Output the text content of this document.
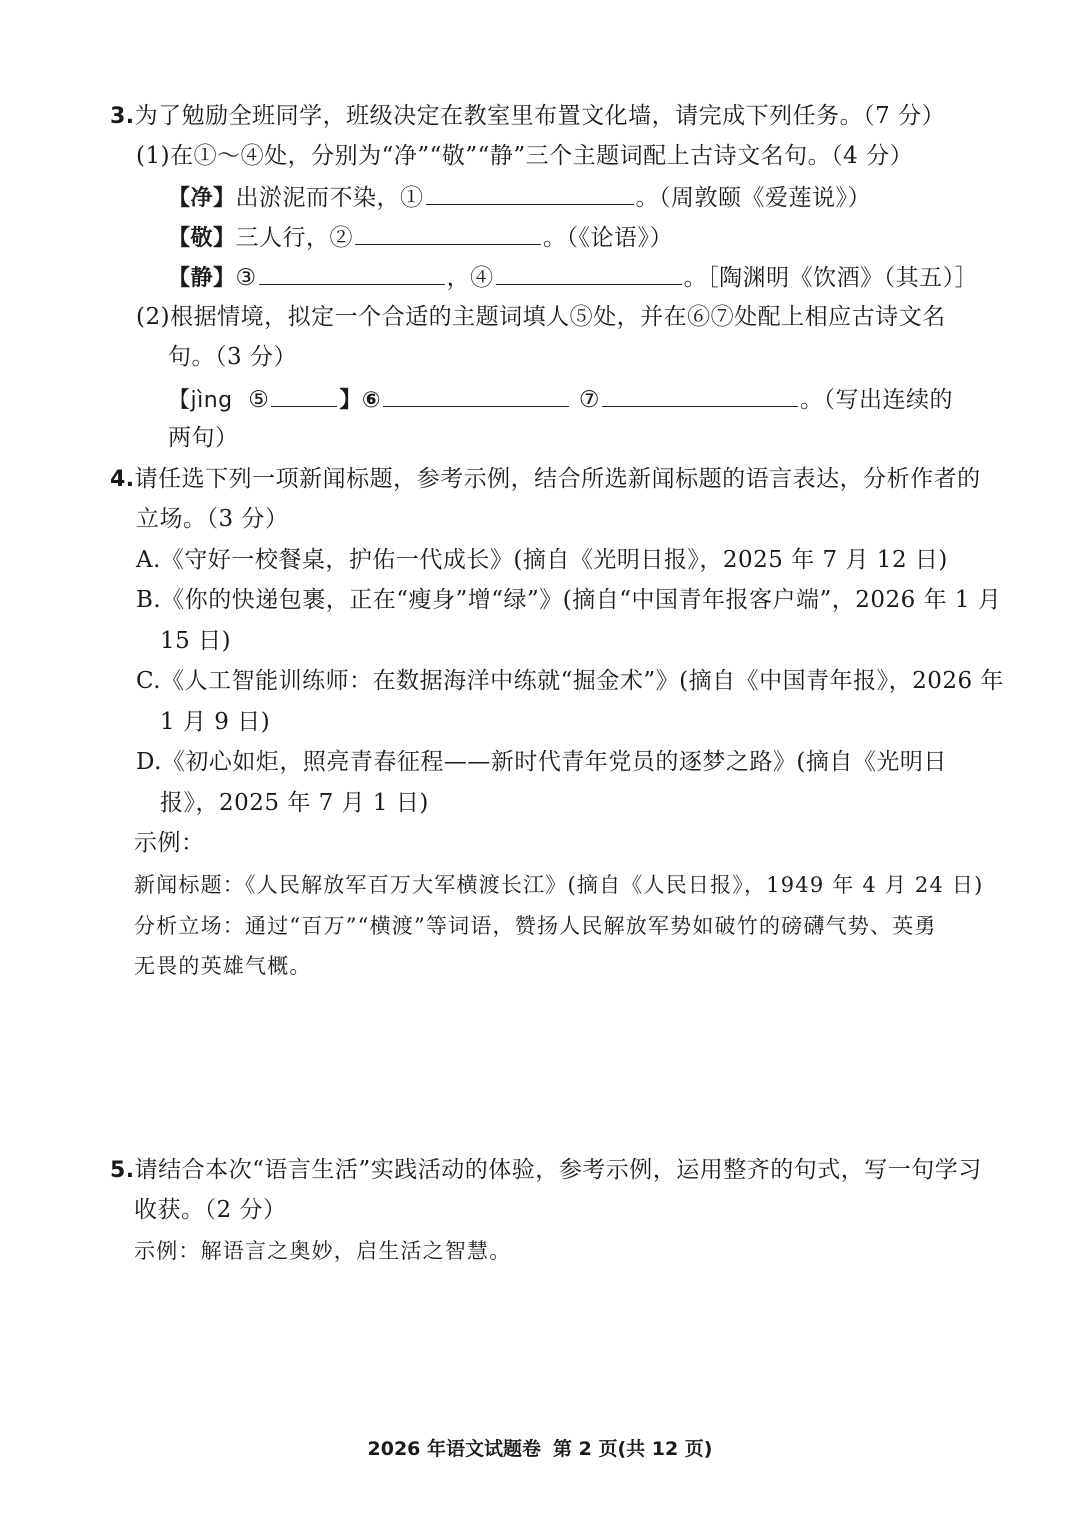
3.为了勉励全班同学，班级决定在教室里布置文化墙，请完成下列任务。（7 分）
(1)在①～④处，分别为“净”“敬”“静”三个主题词配上古诗文名句。（4 分）
【净】出淤泥而不染，①	。（周敦颐《爱莲说》）
【敬】三人行，②	。（《论语》）
【静】③	，④	。［陶渊明《饮酒》（其五）］
(2)根据情境，拟定一个合适的主题词填人⑤处，并在⑥⑦处配上相应古诗文名
句。（3 分）
【jìng ⑤	】⑥	⑦	。（写出连续的
两句）
4.请任选下列一项新闻标题，参考示例，结合所选新闻标题的语言表达，分析作者的
立场。（3 分）
A.《守好一校餐桌，护佑一代成长》(摘自《光明日报》，2025 年 7 月 12 日)
B.《你的快递包裹，正在“瘦身”增“绿”》(摘自“中国青年报客户端”，2026 年 1 月
15 日)
C.《人工智能训练师：在数据海洋中练就“掘金术”》(摘自《中国青年报》，2026 年
1 月 9 日)
D.《初心如炬，照亮青春征程——新时代青年党员的逐梦之路》(摘自《光明日
报》，2025 年 7 月 1 日)
示例：
新闻标题：《人民解放军百万大军横渡长江》(摘自《人民日报》，1949 年 4 月 24 日)
分析立场：通过“百万”“横渡”等词语，赞扬人民解放军势如破竹的磅礴气势、英勇
无畏的英雄气概。
5.请结合本次“语言生活”实践活动的体验，参考示例，运用整齐的句式，写一句学习
收获。（2 分）
示例：解语言之奥妙，启生活之智慧。
2026 年语文试题卷 第 2 页(共 12 页)
